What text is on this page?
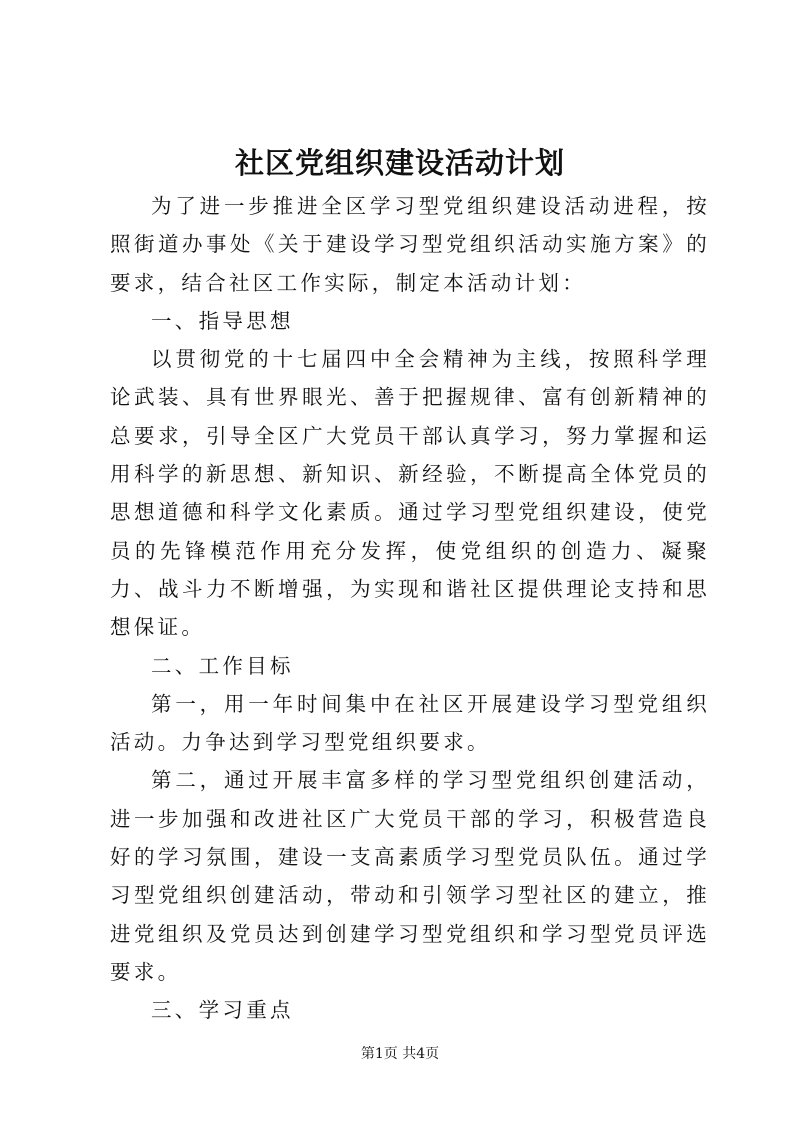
社区党组织建设活动计划

为了进一步推进全区学习型党组织建设活动进程，按照街道办事处《关于建设学习型党组织活动实施方案》的要求，结合社区工作实际，制定本活动计划：

一、指导思想

以贯彻党的十七届四中全会精神为主线，按照科学理论武装、具有世界眼光、善于把握规律、富有创新精神的总要求，引导全区广大党员干部认真学习，努力掌握和运用科学的新思想、新知识、新经验，不断提高全体党员的思想道德和科学文化素质。通过学习型党组织建设，使党员的先锋模范作用充分发挥，使党组织的创造力、凝聚力、战斗力不断增强，为实现和谐社区提供理论支持和思想保证。

二、工作目标

第一，用一年时间集中在社区开展建设学习型党组织活动。力争达到学习型党组织要求。

第二，通过开展丰富多样的学习型党组织创建活动，进一步加强和改进社区广大党员干部的学习，积极营造良好的学习氛围，建设一支高素质学习型党员队伍。通过学习型党组织创建活动，带动和引领学习型社区的建立，推进党组织及党员达到创建学习型党组织和学习型党员评选要求。

三、学习重点

第1页 共4页
